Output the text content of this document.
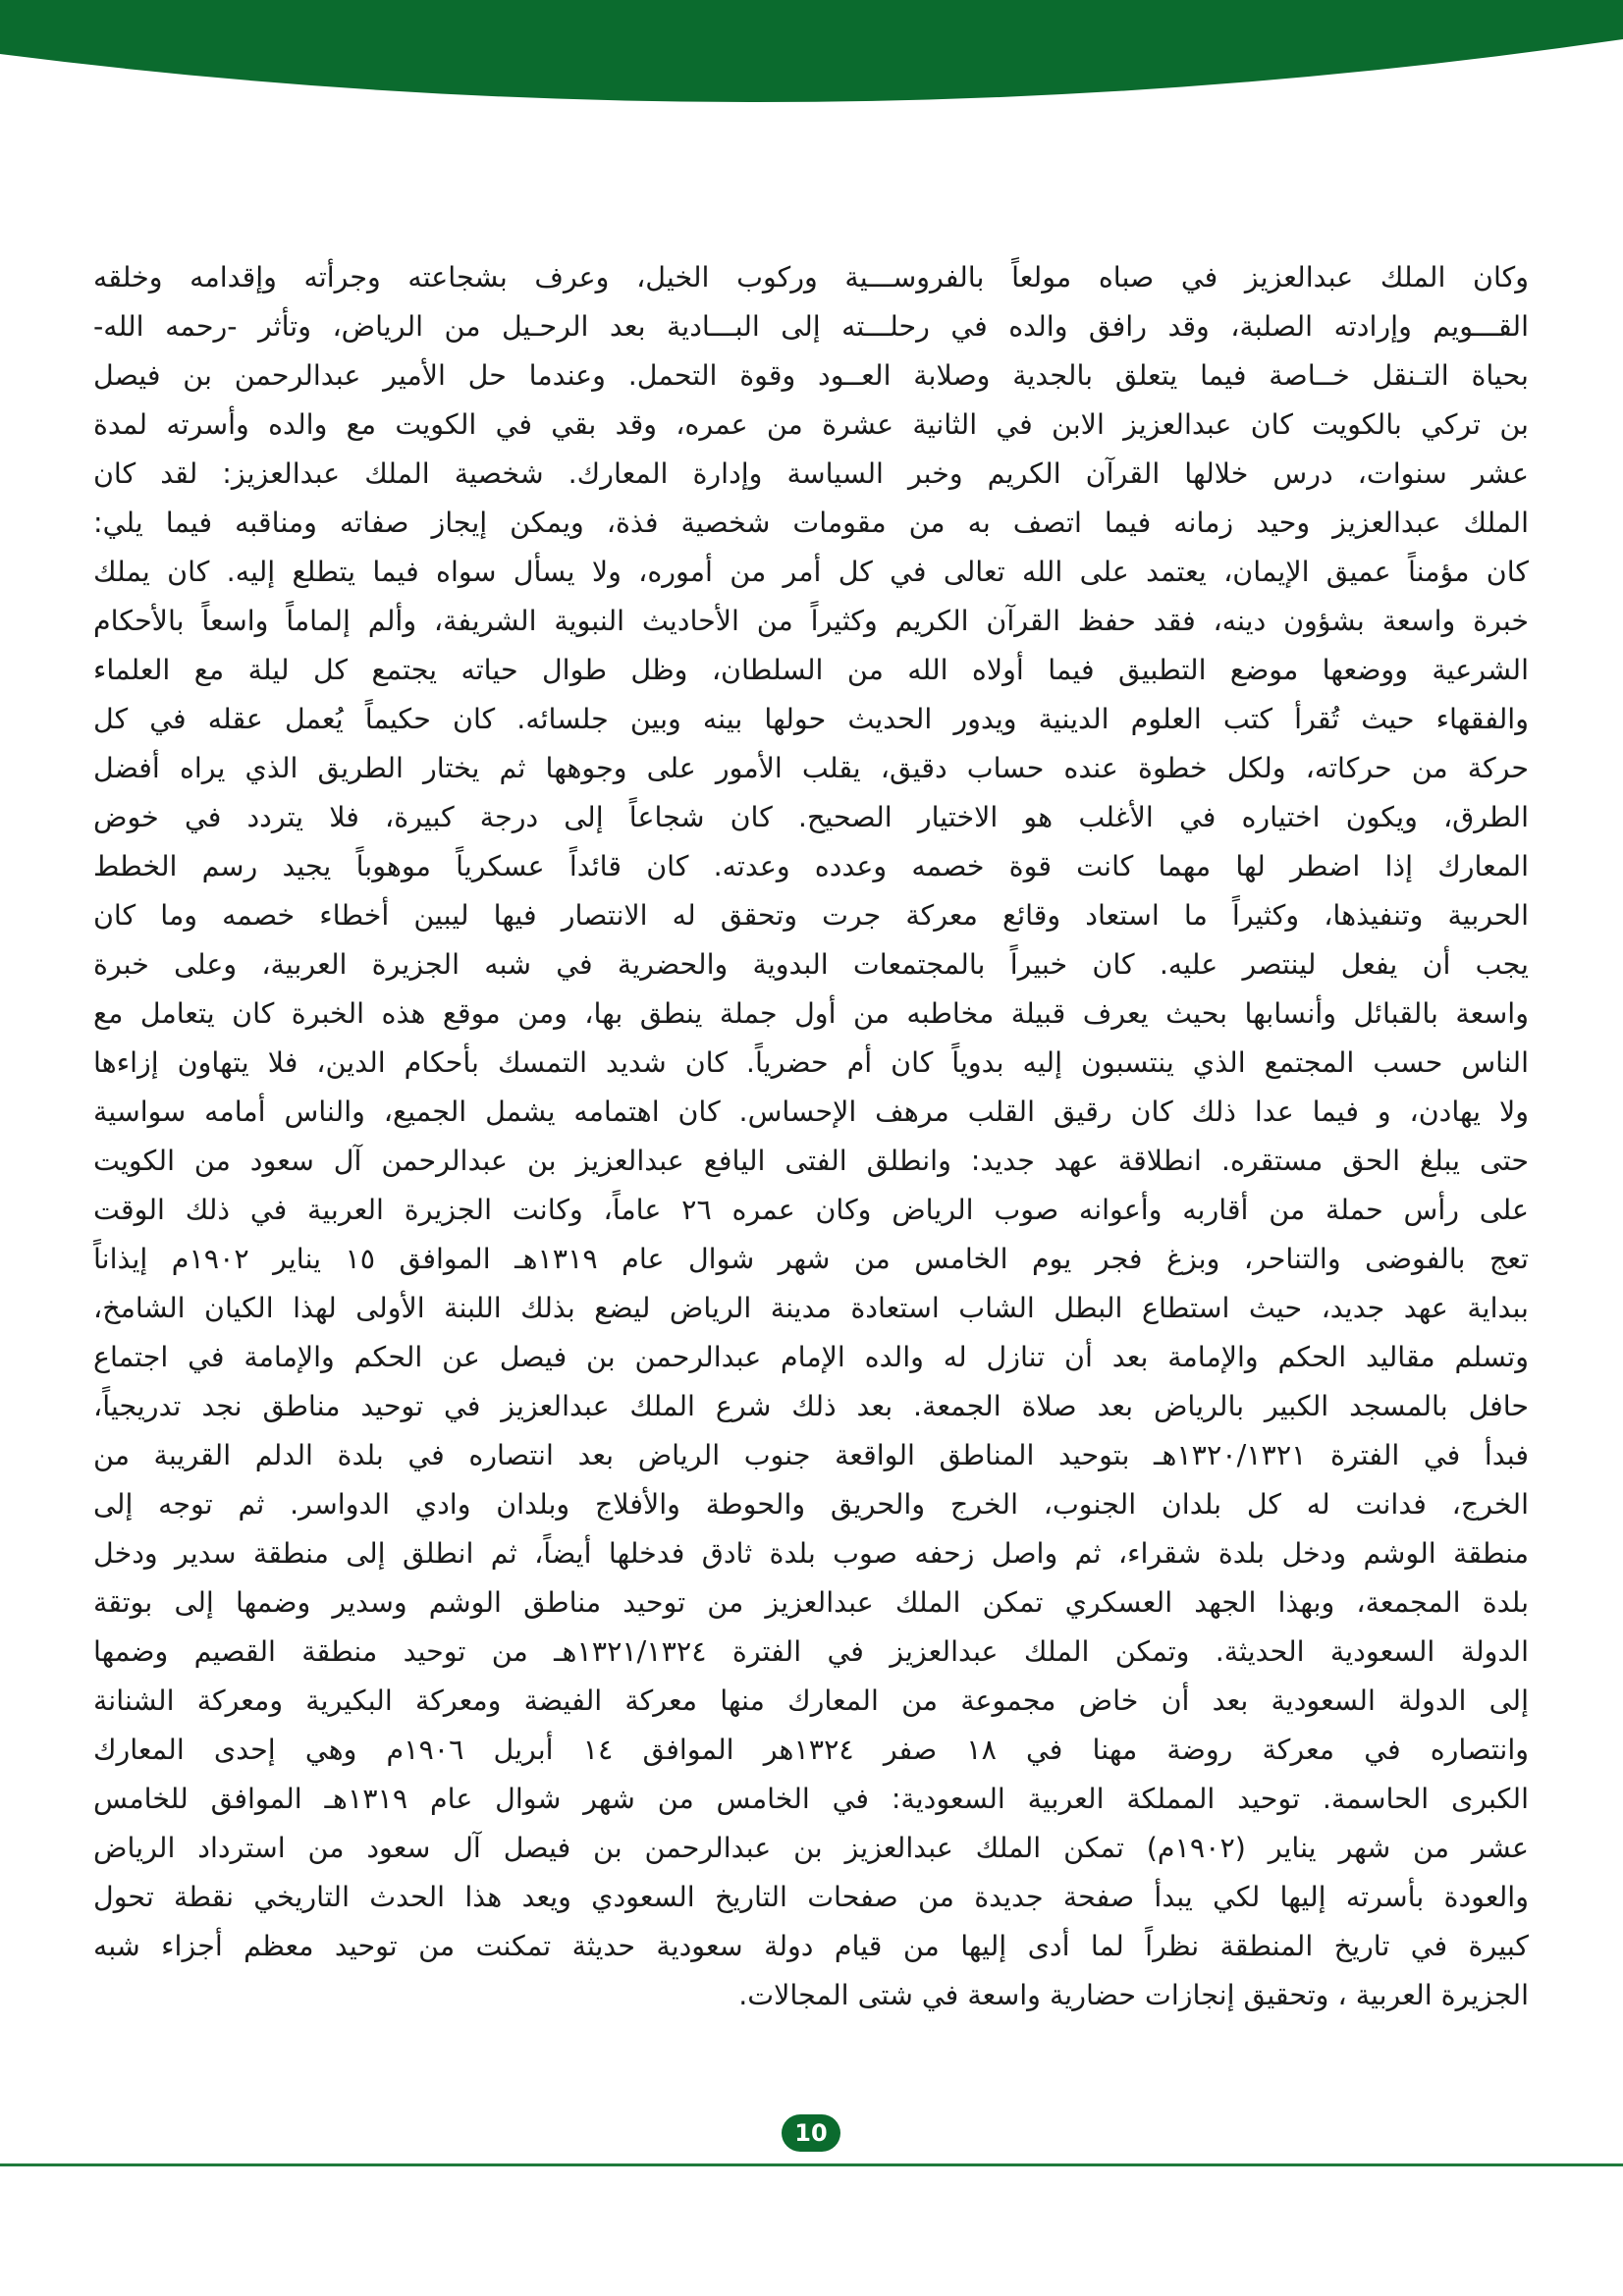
وكان الملك عبدالعزيز في صباه مولعاً بالفروســـية وركوب الخيل، وعرف بشجاعته وجرأته وإقدامه وخلقه
القـــويم وإرادته الصلبة، وقد رافق والده في رحلـــته إلى البـــادية بعد الرحـيل من الرياض، وتأثر -رحمه الله-
بحياة التـنقل خــاصة فيما يتعلق بالجدية وصلابة العــود وقوة التحمل. وعندما حل الأمير عبدالرحمن بن فيصل
بن تركي بالكويت كان عبدالعزيز الابن في الثانية عشرة من عمره، وقد بقي في الكويت مع والده وأسرته لمدة
عشر سنوات، درس خلالها القرآن الكريم وخبر السياسة وإدارة المعارك. شخصية الملك عبدالعزيز: لقد كان
الملك عبدالعزيز وحيد زمانه فيما اتصف به من مقومات شخصية فذة، ويمكن إيجاز صفاته ومناقبه فيما يلي:
كان مؤمناً عميق الإيمان، يعتمد على الله تعالى في كل أمر من أموره، ولا يسأل سواه فيما يتطلع إليه. كان يملك
خبرة واسعة بشؤون دينه، فقد حفظ القرآن الكريم وكثيراً من الأحاديث النبوية الشريفة، وألم إلماماً واسعاً بالأحكام
الشرعية ووضعها موضع التطبيق فيما أولاه الله من السلطان، وظل طوال حياته يجتمع كل ليلة مع العلماء
والفقهاء حيث تُقرأ كتب العلوم الدينية ويدور الحديث حولها بينه وبين جلسائه. كان حكيماً يُعمل عقله في كل
حركة من حركاته، ولكل خطوة عنده حساب دقيق، يقلب الأمور على وجوهها ثم يختار الطريق الذي يراه أفضل
الطرق، ويكون اختياره في الأغلب هو الاختيار الصحيح. كان شجاعاً إلى درجة كبيرة، فلا يتردد في خوض
المعارك إذا اضطر لها مهما كانت قوة خصمه وعدده وعدته. كان قائداً عسكرياً موهوباً يجيد رسم الخطط
الحربية وتنفيذها، وكثيراً ما استعاد وقائع معركة جرت وتحقق له الانتصار فيها ليبين أخطاء خصمه وما كان
يجب أن يفعل لينتصر عليه. كان خبيراً بالمجتمعات البدوية والحضرية في شبه الجزيرة العربية، وعلى خبرة
واسعة بالقبائل وأنسابها بحيث يعرف قبيلة مخاطبه من أول جملة ينطق بها، ومن موقع هذه الخبرة كان يتعامل مع
الناس حسب المجتمع الذي ينتسبون إليه بدوياً كان أم حضرياً. كان شديد التمسك بأحكام الدين، فلا يتهاون إزاءها
ولا يهادن، و فيما عدا ذلك كان رقيق القلب مرهف الإحساس. كان اهتمامه يشمل الجميع، والناس أمامه سواسية
حتى يبلغ الحق مستقره. انطلاقة عهد جديد: وانطلق الفتى اليافع عبدالعزيز بن عبدالرحمن آل سعود من الكويت
على رأس حملة من أقاربه وأعوانه صوب الرياض وكان عمره ٢٦ عاماً، وكانت الجزيرة العربية في ذلك الوقت
تعج بالفوضى والتناحر، وبزغ فجر يوم الخامس من شهر شوال عام ١٣١٩هـ الموافق ١٥ يناير ١٩٠٢م إيذاناً
ببداية عهد جديد، حيث استطاع البطل الشاب استعادة مدينة الرياض ليضع بذلك اللبنة الأولى لهذا الكيان الشامخ،
وتسلم مقاليد الحكم والإمامة بعد أن تنازل له والده الإمام عبدالرحمن بن فيصل عن الحكم والإمامة في اجتماع
حافل بالمسجد الكبير بالرياض بعد صلاة الجمعة. بعد ذلك شرع الملك عبدالعزيز في توحيد مناطق نجد تدريجياً،
فبدأ في الفترة ١٣٢٠/١٣٢١هـ بتوحيد المناطق الواقعة جنوب الرياض بعد انتصاره في بلدة الدلم القريبة من
الخرج، فدانت له كل بلدان الجنوب، الخرج والحريق والحوطة والأفلاج وبلدان وادي الدواسر. ثم توجه إلى
منطقة الوشم ودخل بلدة شقراء، ثم واصل زحفه صوب بلدة ثادق فدخلها أيضاً، ثم انطلق إلى منطقة سدير ودخل
بلدة المجمعة، وبهذا الجهد العسكري تمكن الملك عبدالعزيز من توحيد مناطق الوشم وسدير وضمها إلى بوتقة
الدولة السعودية الحديثة. وتمكن الملك عبدالعزيز في الفترة ١٣٢١/١٣٢٤هـ من توحيد منطقة القصيم وضمها
إلى الدولة السعودية بعد أن خاض مجموعة من المعارك منها معركة الفيضة ومعركة البكيرية ومعركة الشنانة
وانتصاره في معركة روضة مهنا في ١٨ صفر ١٣٢٤هر الموافق ١٤ أبريل ١٩٠٦م وهي إحدى المعارك
الكبرى الحاسمة. توحيد المملكة العربية السعودية: في الخامس من شهر شوال عام ١٣١٩هـ الموافق للخامس
عشر من شهر يناير (١٩٠٢م) تمكن الملك عبدالعزيز بن عبدالرحمن بن فيصل آل سعود من استرداد الرياض
والعودة بأسرته إليها لكي يبدأ صفحة جديدة من صفحات التاريخ السعودي ويعد هذا الحدث التاريخي نقطة تحول
كبيرة في تاريخ المنطقة نظراً لما أدى إليها من قيام دولة سعودية حديثة تمكنت من توحيد معظم أجزاء شبه
الجزيرة العربية ، وتحقيق إنجازات حضارية واسعة في شتى المجالات.
10
